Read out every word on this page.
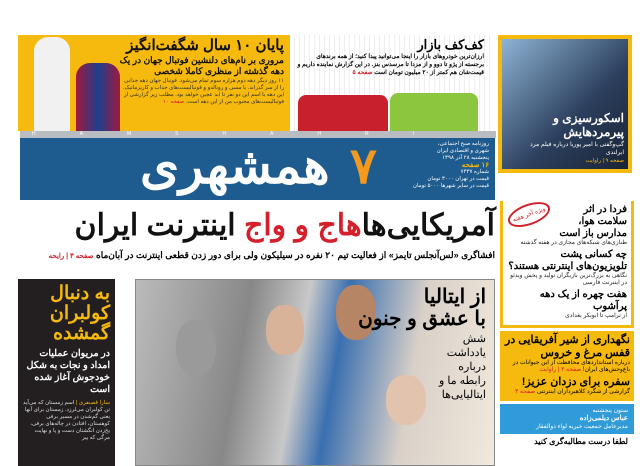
پایان ۱۰ سال شگفت‌انگیز
مروری بر نام‌های دلنشین فوتبال جهان در یک دهه گذشته از منظری کاملا شخصی
۱۱ روز دیگر دهه دوم هزاره سوم تمام می‌شود. فوتبال جهان دهه جذابی را از سر گذراند. با مسی و رونالدو و فوتبالیست‌های جذاب و کاریزماتیک. این دهه با اسم این دو نفر تا ابد عجین خواهد بود. مطلب زیر گزارشی از فوتبالیست‌های محبوب من از این دهه است. صفحه ۱۰
کف‌کف بازار
ارزان‌ترین خودروهای بازار را اینجا می‌توانید پیدا کنید؛ از همه برندهای برجسته از پژو تا دوو و از مزدا تا مرسدس بنز. در این گزارش نماینده داریم و قیمت‌شان هم کمتر از ۲۰ میلیون تومان است صفحه ۵
HAMSHAHRI
همشهری ۷	روزنامه صبح اجتماعی،
شهری و اقتصادی ایران
پنجشنبه ۲۸ آذر ۱۳۹۸
۱۶ صفحه
شماره ۷۴۳۷
قیمت در تهران ۳۰۰۰ تومان
قیمت در سایر شهرها ۵۰۰۰ تومان
اسکورسیزی و پیرمردهایش
گپ‌وگفتی با امیر پوریا درباره فیلم مرد ایرلندی
صفحه ۹ | راوایت
آمریکایی‌هاهاج و واج اینترنت ایران
افشاگری «لس‌آنجلس تایمز» از فعالیت تیم ۲۰ نفره در سیلیکون ولی برای دور زدن قطعی اینترنت در آبان‌ماه صفحه ۳ | رایحه
به دنبال کولبران گمشده
در مریوان عملیات امداد و نجات به شکل خودجوش آغاز شده است
سارا قصنفری | اسم زمستان که می‌آید تن کولبران می‌لرزد. زمستان برای آنها یعنی گم‌شدن در مسیر برفی کوهستان، افتادن در چاله‌های برفی، یخ‌زدن انگشتان دست و پا و نهایت مرگی که پیر
از ایتالیا
با عشق و جنون
شش
یادداشت
درباره
رابطه ما و
ایتالیایی‌ها
ویژه آخر هفته	فردا در اثر سلامت هوا، مدارس باز است

طنازی‌های شبکه‌های مجازی در هفته گذشته

چه کسانی پشت تلویزیون‌های اینترنتی هستند؟

نگاهی به بزرگ‌ترین بازیگران تولید و پخش ویدئو در اینترنت فارسی

هفت چهره از یک دهه پرآشوب

از ترامپ تا ابوبکر بغدادی

نگهداری از شیر آفریقایی در قفس مرغ و خروس

درباره استانداردهای محافظت از این حیوانات در باغ‌وحش‌های ایران! صفحه ۳ | راوایت

سفره برای دزدان عزیز!

گزارشی از شگرد کلاهبرداران اینترنتی صفحه ۴

ستون پنجشنبه
عباس دیلمی‌زاده
مدیرعامل جمعیت خیریه لواء ذوالفقار
لطفا درست مطالبه‌گری کنید
